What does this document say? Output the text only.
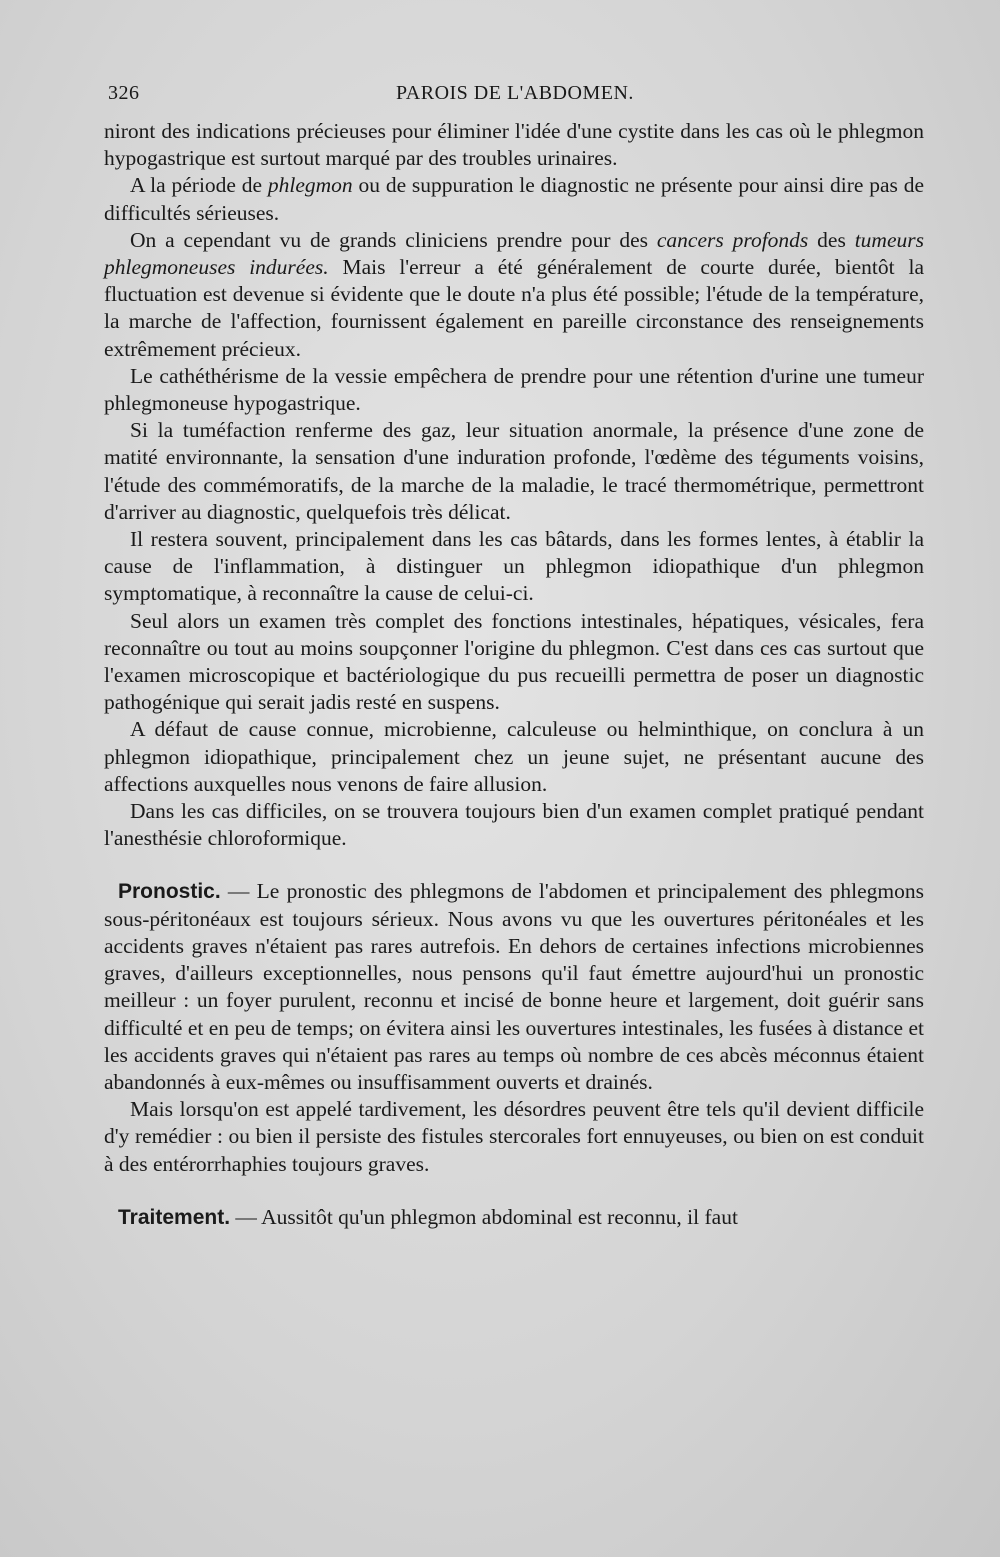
326	PAROIS DE L'ABDOMEN.

niront des indications précieuses pour éliminer l'idée d'une cystite dans les cas où le phlegmon hypogastrique est surtout marqué par des troubles urinaires.

A la période de phlegmon ou de suppuration le diagnostic ne présente pour ainsi dire pas de difficultés sérieuses.

On a cependant vu de grands cliniciens prendre pour des cancers profonds des tumeurs phlegmoneuses indurées. Mais l'erreur a été généralement de courte durée, bientôt la fluctuation est devenue si évidente que le doute n'a plus été possible; l'étude de la température, la marche de l'affection, fournissent également en pareille circonstance des renseignements extrêmement précieux.

Le cathéthérisme de la vessie empêchera de prendre pour une rétention d'urine une tumeur phlegmoneuse hypogastrique.

Si la tuméfaction renferme des gaz, leur situation anormale, la présence d'une zone de matité environnante, la sensation d'une induration profonde, l'œdème des téguments voisins, l'étude des commémoratifs, de la marche de la maladie, le tracé thermométrique, permettront d'arriver au diagnostic, quelquefois très délicat.

Il restera souvent, principalement dans les cas bâtards, dans les formes lentes, à établir la cause de l'inflammation, à distinguer un phlegmon idiopathique d'un phlegmon symptomatique, à reconnaître la cause de celui-ci.

Seul alors un examen très complet des fonctions intestinales, hépatiques, vésicales, fera reconnaître ou tout au moins soupçonner l'origine du phlegmon. C'est dans ces cas surtout que l'examen microscopique et bactériologique du pus recueilli permettra de poser un diagnostic pathogénique qui serait jadis resté en suspens.

A défaut de cause connue, microbienne, calculeuse ou helminthique, on conclura à un phlegmon idiopathique, principalement chez un jeune sujet, ne présentant aucune des affections auxquelles nous venons de faire allusion.

Dans les cas difficiles, on se trouvera toujours bien d'un examen complet pratiqué pendant l'anesthésie chloroformique.

Pronostic. — Le pronostic des phlegmons de l'abdomen et principalement des phlegmons sous-péritonéaux est toujours sérieux. Nous avons vu que les ouvertures péritonéales et les accidents graves n'étaient pas rares autrefois. En dehors de certaines infections microbiennes graves, d'ailleurs exceptionnelles, nous pensons qu'il faut émettre aujourd'hui un pronostic meilleur : un foyer purulent, reconnu et incisé de bonne heure et largement, doit guérir sans difficulté et en peu de temps; on évitera ainsi les ouvertures intestinales, les fusées à distance et les accidents graves qui n'étaient pas rares au temps où nombre de ces abcès méconnus étaient abandonnés à eux-mêmes ou insuffisamment ouverts et drainés.

Mais lorsqu'on est appelé tardivement, les désordres peuvent être tels qu'il devient difficile d'y remédier : ou bien il persiste des fistules stercorales fort ennuyeuses, ou bien on est conduit à des entérorrhaphies toujours graves.

Traitement. — Aussitôt qu'un phlegmon abdominal est reconnu, il faut
